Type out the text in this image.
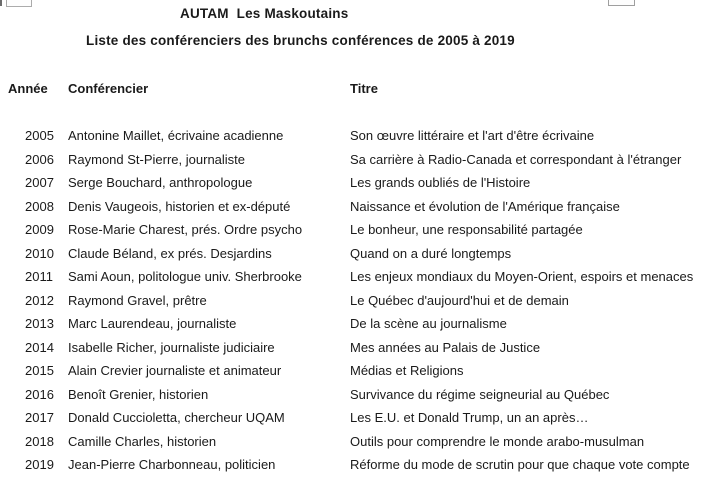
AUTAM  Les Maskoutains
Liste des conférenciers des brunchs conférences de 2005 à 2019
Année	Conférencier	Titre
2005	Antonine Maillet, écrivaine acadienne	Son œuvre littéraire et l'art d'être écrivaine
2006	Raymond St-Pierre, journaliste	Sa carrière à Radio-Canada et correspondant à l'étranger
2007	Serge Bouchard, anthropologue	Les grands oubliés de l'Histoire
2008	Denis Vaugeois, historien et ex-député	Naissance et évolution de l'Amérique française
2009	Rose-Marie Charest, prés. Ordre psycho	Le bonheur, une responsabilité partagée
2010	Claude Béland, ex prés. Desjardins	Quand on a duré longtemps
2011	Sami Aoun, politologue univ. Sherbrooke	Les enjeux mondiaux du Moyen-Orient, espoirs et menaces
2012	Raymond Gravel, prêtre	Le Québec d'aujourd'hui et de demain
2013	Marc Laurendeau, journaliste	De la scène au journalisme
2014	Isabelle Richer, journaliste judiciaire	Mes années au Palais de Justice
2015	Alain Crevier journaliste et animateur	Médias et Religions
2016	Benoît Grenier, historien	Survivance du régime seigneurial au Québec
2017	Donald Cuccioletta, chercheur UQAM	Les E.U. et Donald Trump, un an après…
2018	Camille Charles, historien	Outils pour comprendre le monde arabo-musulman
2019	Jean-Pierre Charbonneau, politicien	Réforme du mode de scrutin pour que chaque vote compte
